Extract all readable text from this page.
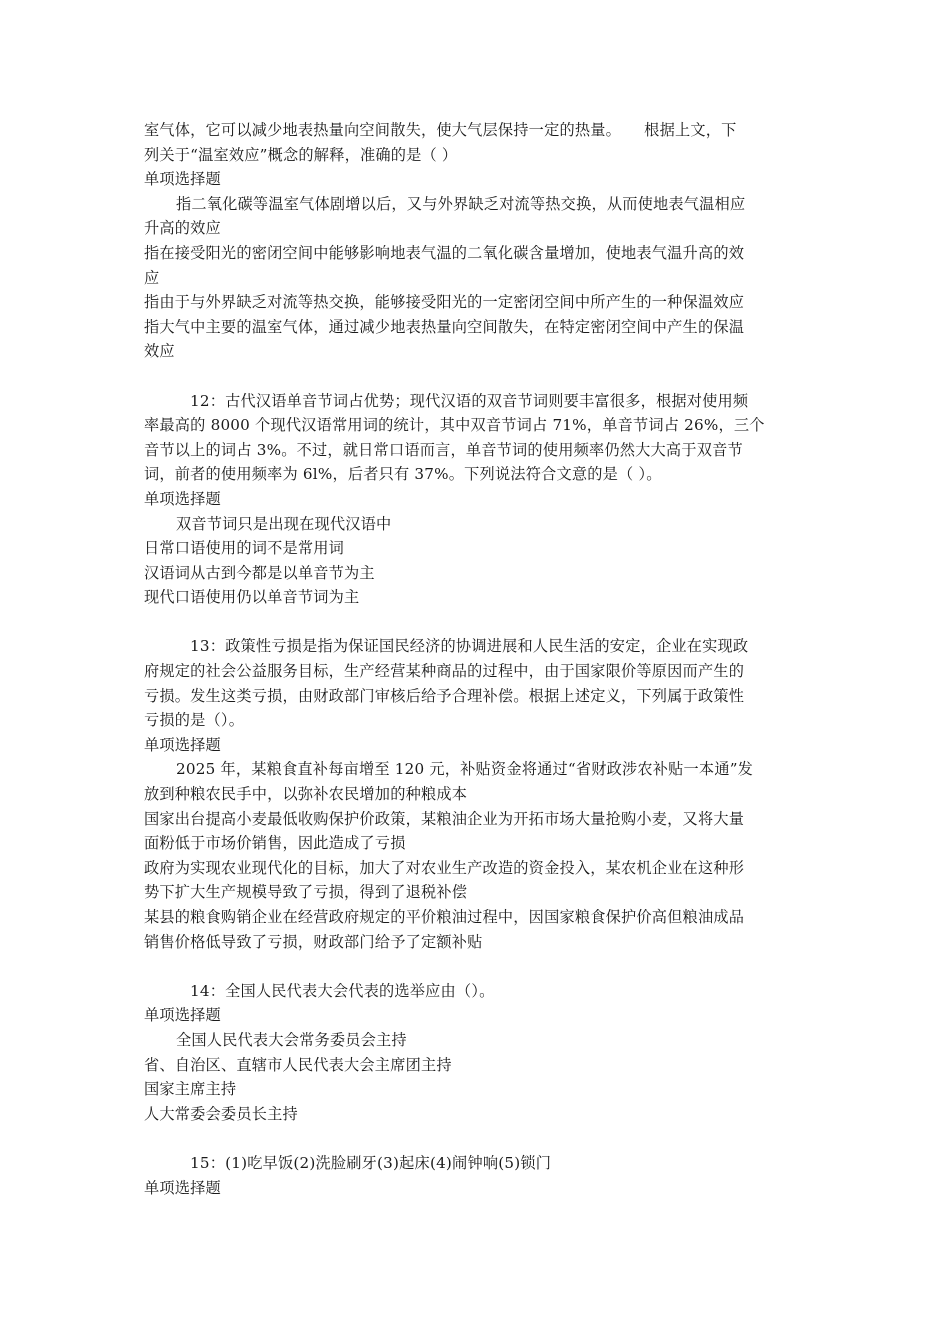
室气体，它可以减少地表热量向空间散失，使大气层保持一定的热量。　　根据上文，下
列关于“温室效应”概念的解释，准确的是（ ）
单项选择题
指二氧化碳等温室气体剧增以后，又与外界缺乏对流等热交换，从而使地表气温相应
升高的效应
指在接受阳光的密闭空间中能够影响地表气温的二氧化碳含量增加，使地表气温升高的效
应
指由于与外界缺乏对流等热交换，能够接受阳光的一定密闭空间中所产生的一种保温效应
指大气中主要的温室气体，通过减少地表热量向空间散失，在特定密闭空间中产生的保温
效应
12：古代汉语单音节词占优势；现代汉语的双音节词则要丰富很多，根据对使用频
率最高的 8000 个现代汉语常用词的统计，其中双音节词占 71%，单音节词占 26%，三个
音节以上的词占 3%。不过，就日常口语而言，单音节词的使用频率仍然大大高于双音节
词，前者的使用频率为 6l%，后者只有 37%。下列说法符合文意的是（ ）。
单项选择题
双音节词只是出现在现代汉语中
日常口语使用的词不是常用词
汉语词从古到今都是以单音节为主
现代口语使用仍以单音节词为主
13：政策性亏损是指为保证国民经济的协调进展和人民生活的安定，企业在实现政
府规定的社会公益服务目标，生产经营某种商品的过程中，由于国家限价等原因而产生的
亏损。发生这类亏损，由财政部门审核后给予合理补偿。根据上述定义，下列属于政策性
亏损的是（）。
单项选择题
2025 年，某粮食直补每亩增至 120 元，补贴资金将通过“省财政涉农补贴一本通”发
放到种粮农民手中，以弥补农民增加的种粮成本
国家出台提高小麦最低收购保护价政策，某粮油企业为开拓市场大量抢购小麦，又将大量
面粉低于市场价销售，因此造成了亏损
政府为实现农业现代化的目标，加大了对农业生产改造的资金投入，某农机企业在这种形
势下扩大生产规模导致了亏损，得到了退税补偿
某县的粮食购销企业在经营政府规定的平价粮油过程中，因国家粮食保护价高但粮油成品
销售价格低导致了亏损，财政部门给予了定额补贴
14：全国人民代表大会代表的选举应由（）。
单项选择题
全国人民代表大会常务委员会主持
省、自治区、直辖市人民代表大会主席团主持
国家主席主持
人大常委会委员长主持
15：(1)吃早饭(2)洗脸刷牙(3)起床(4)闹钟响(5)锁门
单项选择题
